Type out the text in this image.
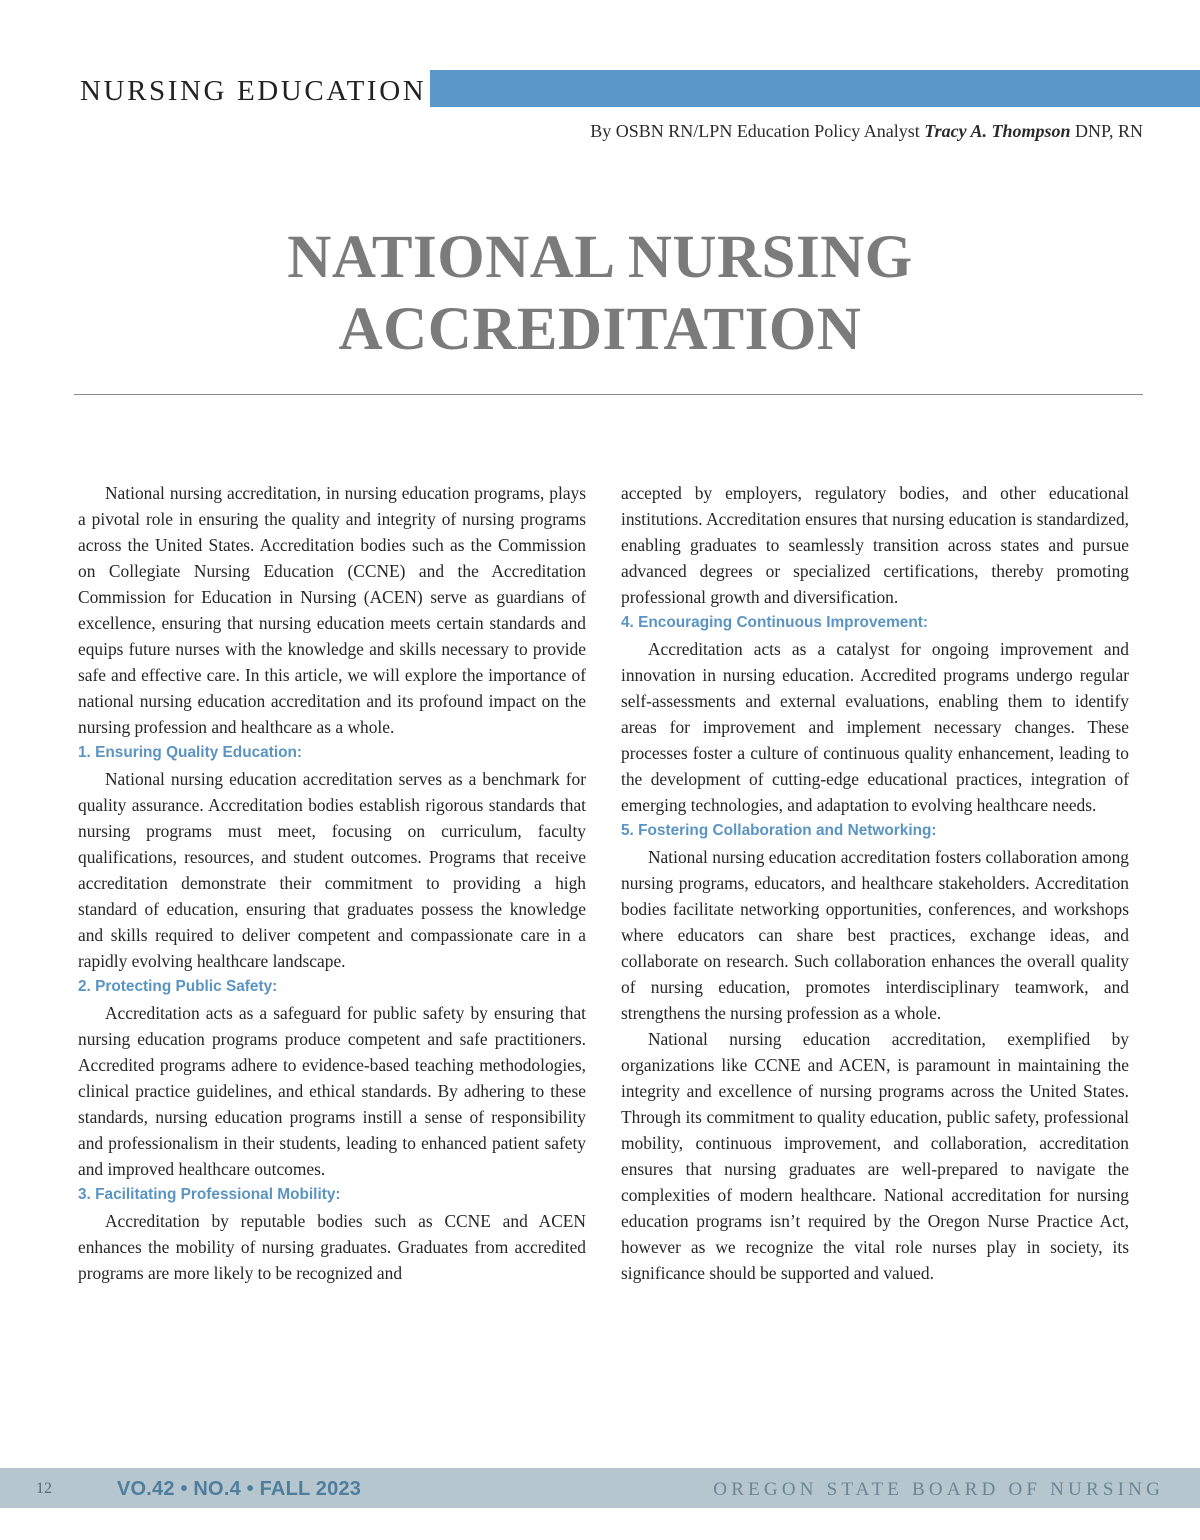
NURSING EDUCATION

By OSBN RN/LPN Education Policy Analyst Tracy A. Thompson DNP, RN

NATIONAL NURSING
ACCREDITATION

National nursing accreditation, in nursing education programs, plays a pivotal role in ensuring the quality and integrity of nursing programs across the United States. Accreditation bodies such as the Commission on Collegiate Nursing Education (CCNE) and the Accreditation Commission for Education in Nursing (ACEN) serve as guardians of excellence, ensuring that nursing education meets certain standards and equips future nurses with the knowledge and skills necessary to provide safe and effective care. In this article, we will explore the importance of national nursing education accreditation and its profound impact on the nursing profession and healthcare as a whole.

1. Ensuring Quality Education:

National nursing education accreditation serves as a benchmark for quality assurance. Accreditation bodies establish rigorous standards that nursing programs must meet, focusing on curriculum, faculty qualifications, resources, and student outcomes. Programs that receive accreditation demonstrate their commitment to providing a high standard of education, ensuring that graduates possess the knowledge and skills required to deliver competent and compassionate care in a rapidly evolving healthcare landscape.

2. Protecting Public Safety:

Accreditation acts as a safeguard for public safety by ensuring that nursing education programs produce competent and safe practitioners. Accredited programs adhere to evidence-based teaching methodologies, clinical practice guidelines, and ethical standards. By adhering to these standards, nursing education programs instill a sense of responsibility and professionalism in their students, leading to enhanced patient safety and improved healthcare outcomes.

3. Facilitating Professional Mobility:

Accreditation by reputable bodies such as CCNE and ACEN enhances the mobility of nursing graduates. Graduates from accredited programs are more likely to be recognized and

accepted by employers, regulatory bodies, and other educational institutions. Accreditation ensures that nursing education is standardized, enabling graduates to seamlessly transition across states and pursue advanced degrees or specialized certifications, thereby promoting professional growth and diversification.

4. Encouraging Continuous Improvement:

Accreditation acts as a catalyst for ongoing improvement and innovation in nursing education. Accredited programs undergo regular self-assessments and external evaluations, enabling them to identify areas for improvement and implement necessary changes. These processes foster a culture of continuous quality enhancement, leading to the development of cutting-edge educational practices, integration of emerging technologies, and adaptation to evolving healthcare needs.

5. Fostering Collaboration and Networking:

National nursing education accreditation fosters collaboration among nursing programs, educators, and healthcare stakeholders. Accreditation bodies facilitate networking opportunities, conferences, and workshops where educators can share best practices, exchange ideas, and collaborate on research. Such collaboration enhances the overall quality of nursing education, promotes interdisciplinary teamwork, and strengthens the nursing profession as a whole.

National nursing education accreditation, exemplified by organizations like CCNE and ACEN, is paramount in maintaining the integrity and excellence of nursing programs across the United States. Through its commitment to quality education, public safety, professional mobility, continuous improvement, and collaboration, accreditation ensures that nursing graduates are well-prepared to navigate the complexities of modern healthcare. National accreditation for nursing education programs isn’t required by the Oregon Nurse Practice Act, however as we recognize the vital role nurses play in society, its significance should be supported and valued.

12	VO.42 • NO.4 • FALL 2023	OREGON STATE BOARD OF NURSING
